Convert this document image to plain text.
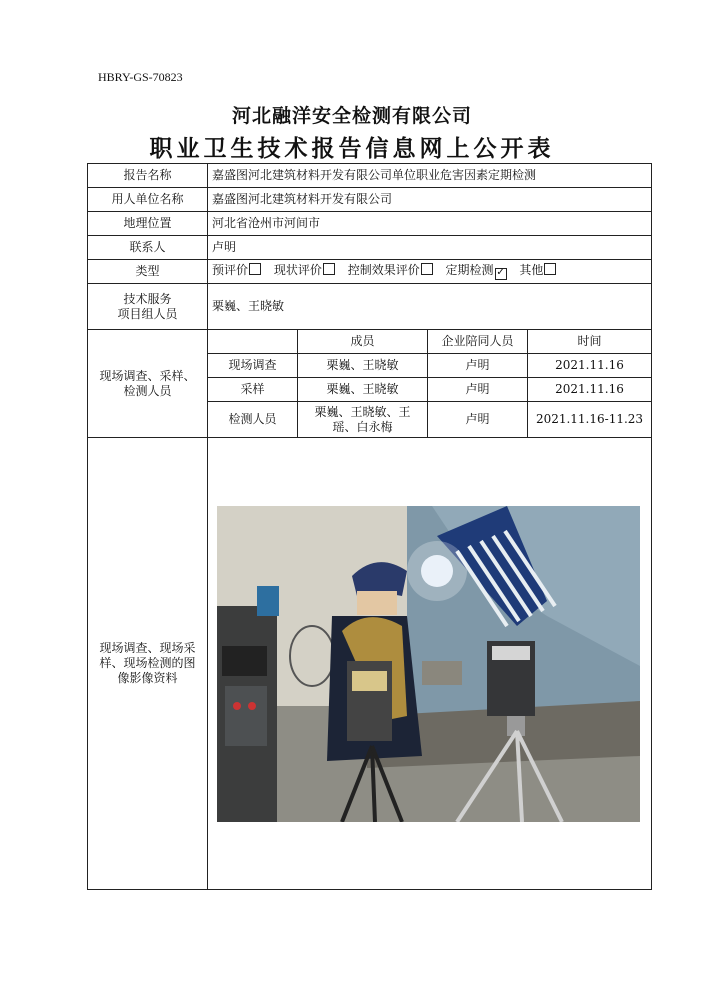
HBRY-GS-70823
河北融洋安全检测有限公司
职业卫生技术报告信息网上公开表
报告名称	嘉盛图河北建筑材料开发有限公司单位职业危害因素定期检测			
用人单位名称	嘉盛图河北建筑材料开发有限公司			
地理位置	河北省沧州市河间市			
联系人	卢明			
类型	预评价 现状评价 控制效果评价 定期检测 ✓ 其他			

技术服务
项目组人员	栗巍、王晓敏			

现场调查、采样、
检测人员		成员	企业陪同人员	时间
	现场调查	栗巍、王晓敏	卢明	2021.11.16
	采样	栗巍、王晓敏	卢明	2021.11.16
	检测人员	栗巍、王晓敏、王
瑶、白永梅	卢明	2021.11.16-11.23

现场调查、现场采
样、现场检测的图
像影像资料
